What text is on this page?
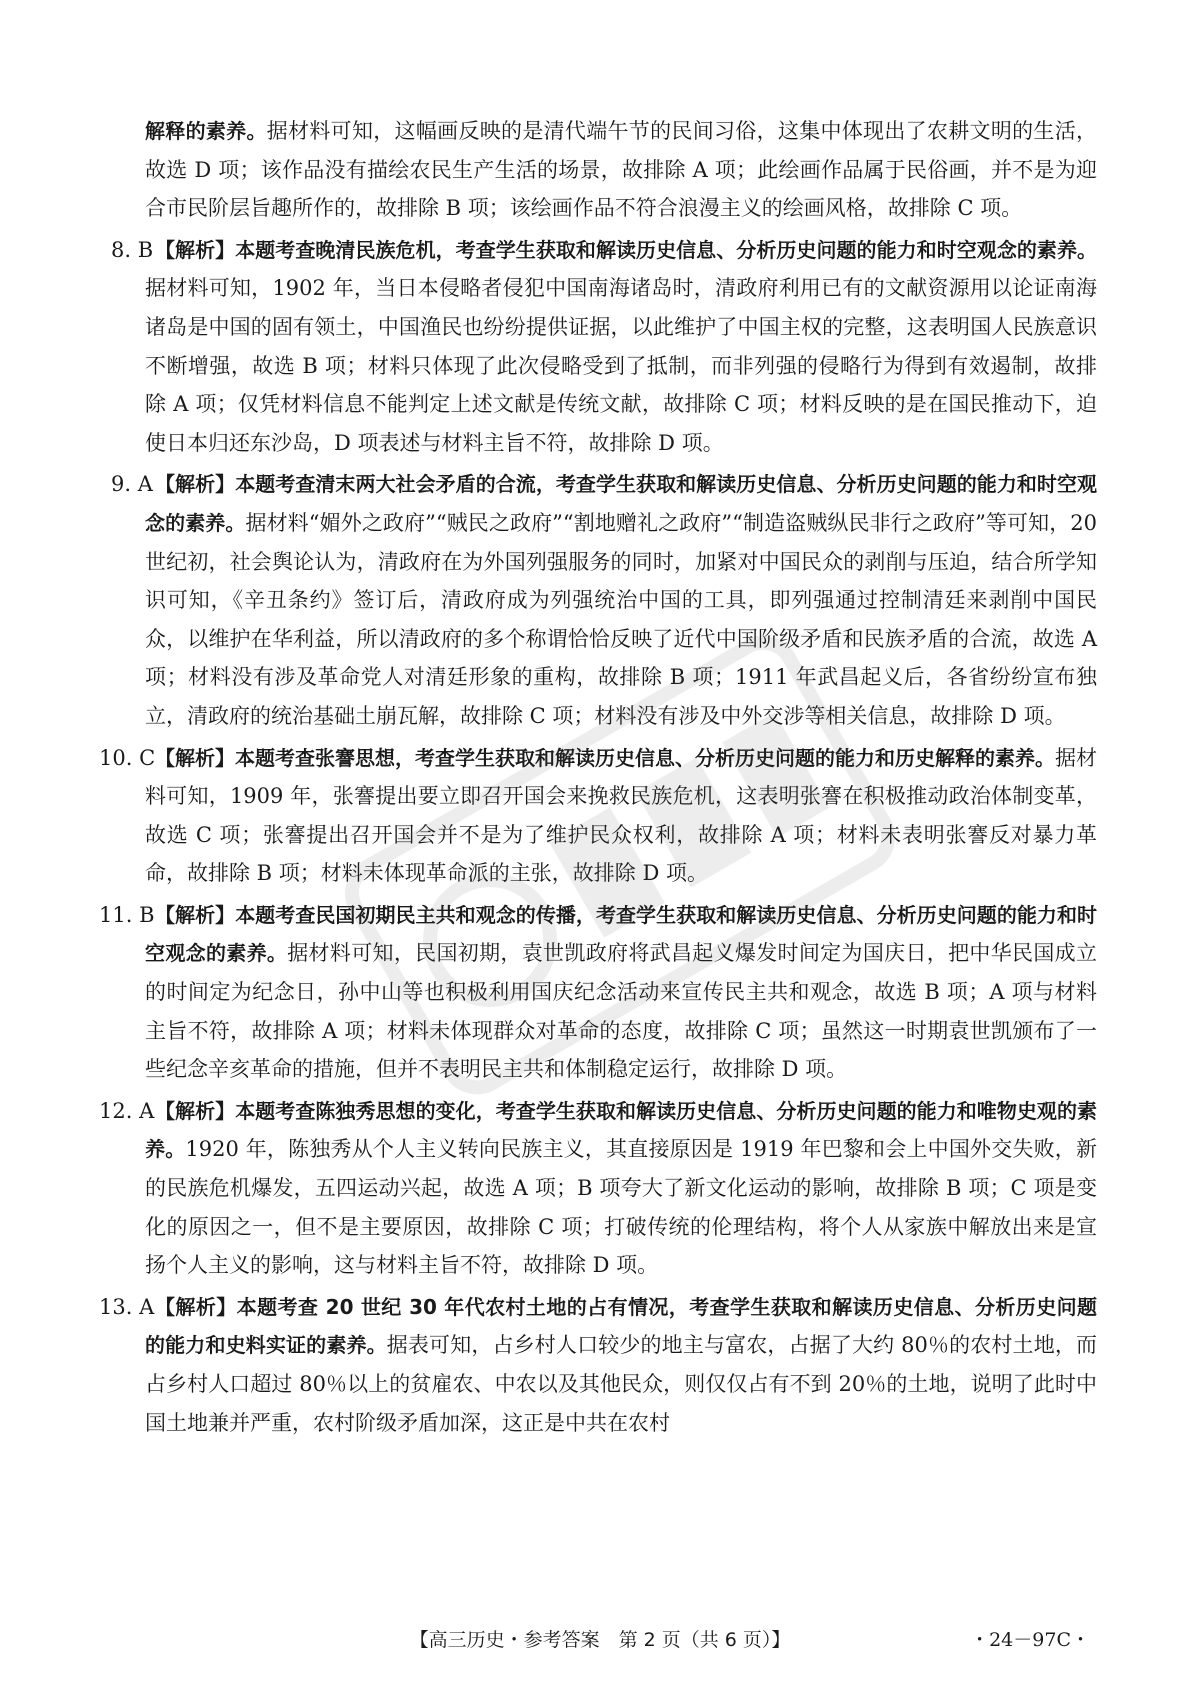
解释的素养。据材料可知，这幅画反映的是清代端午节的民间习俗，这集中体现出了农耕文明的生活，故选 D 项；该作品没有描绘农民生产生活的场景，故排除 A 项；此绘画作品属于民俗画，并不是为迎合市民阶层旨趣所作的，故排除 B 项；该绘画作品不符合浪漫主义的绘画风格，故排除 C 项。

8. B 【解析】本题考查晚清民族危机，考查学生获取和解读历史信息、分析历史问题的能力和时空观念的素养。据材料可知，1902 年，当日本侵略者侵犯中国南海诸岛时，清政府利用已有的文献资源用以论证南海诸岛是中国的固有领土，中国渔民也纷纷提供证据，以此维护了中国主权的完整，这表明国人民族意识不断增强，故选 B 项；材料只体现了此次侵略受到了抵制，而非列强的侵略行为得到有效遏制，故排除 A 项；仅凭材料信息不能判定上述文献是传统文献，故排除 C 项；材料反映的是在国民推动下，迫使日本归还东沙岛，D 项表述与材料主旨不符，故排除 D 项。
9. A 【解析】本题考查清末两大社会矛盾的合流，考查学生获取和解读历史信息、分析历史问题的能力和时空观念的素养。据材料“媚外之政府”“贼民之政府”“割地赠礼之政府”“制造盗贼纵民非行之政府”等可知，20 世纪初，社会舆论认为，清政府在为外国列强服务的同时，加紧对中国民众的剥削与压迫，结合所学知识可知，《辛丑条约》签订后，清政府成为列强统治中国的工具，即列强通过控制清廷来剥削中国民众，以维护在华利益，所以清政府的多个称谓恰恰反映了近代中国阶级矛盾和民族矛盾的合流，故选 A 项；材料没有涉及革命党人对清廷形象的重构，故排除 B 项；1911 年武昌起义后，各省纷纷宣布独立，清政府的统治基础土崩瓦解，故排除 C 项；材料没有涉及中外交涉等相关信息，故排除 D 项。
10. C 【解析】本题考查张謇思想，考查学生获取和解读历史信息、分析历史问题的能力和历史解释的素养。据材料可知，1909 年，张謇提出要立即召开国会来挽救民族危机，这表明张謇在积极推动政治体制变革，故选 C 项；张謇提出召开国会并不是为了维护民众权利，故排除 A 项；材料未表明张謇反对暴力革命，故排除 B 项；材料未体现革命派的主张，故排除 D 项。
11. B 【解析】本题考查民国初期民主共和观念的传播，考查学生获取和解读历史信息、分析历史问题的能力和时空观念的素养。据材料可知，民国初期，袁世凯政府将武昌起义爆发时间定为国庆日，把中华民国成立的时间定为纪念日，孙中山等也积极利用国庆纪念活动来宣传民主共和观念，故选 B 项；A 项与材料主旨不符，故排除 A 项；材料未体现群众对革命的态度，故排除 C 项；虽然这一时期袁世凯颁布了一些纪念辛亥革命的措施，但并不表明民主共和体制稳定运行，故排除 D 项。
12. A 【解析】本题考查陈独秀思想的变化，考查学生获取和解读历史信息、分析历史问题的能力和唯物史观的素养。1920 年，陈独秀从个人主义转向民族主义，其直接原因是 1919 年巴黎和会上中国外交失败，新的民族危机爆发，五四运动兴起，故选 A 项；B 项夸大了新文化运动的影响，故排除 B 项；C 项是变化的原因之一，但不是主要原因，故排除 C 项；打破传统的伦理结构，将个人从家族中解放出来是宣扬个人主义的影响，这与材料主旨不符，故排除 D 项。
13. A 【解析】本题考查 20 世纪 30 年代农村土地的占有情况，考查学生获取和解读历史信息、分析历史问题的能力和史料实证的素养。据表可知，占乡村人口较少的地主与富农，占据了大约 80％的农村土地，而占乡村人口超过 80％以上的贫雇农、中农以及其他民众，则仅仅占有不到 20％的土地，说明了此时中国土地兼并严重，农村阶级矛盾加深，这正是中共在农村
【高三历史・参考答案　第 2 页（共 6 页）】	・24－97C・
